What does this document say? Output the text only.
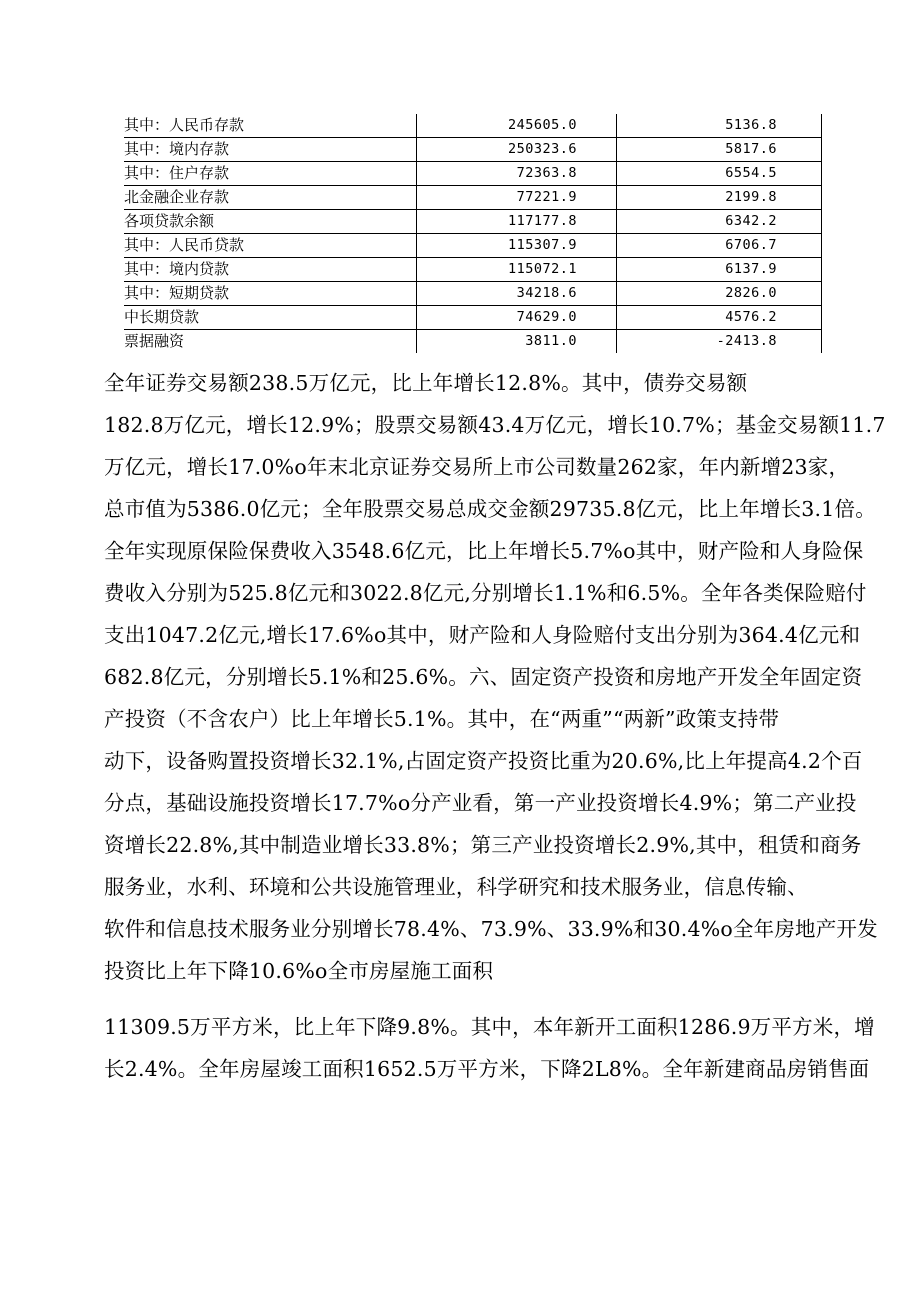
其中：人民币存款	245605.0	5136.8
其中：境内存款	250323.6	5817.6
其中：住户存款	72363.8	6554.5
北金融企业存款	77221.9	2199.8
各项贷款余额	117177.8	6342.2
其中：人民币贷款	115307.9	6706.7
其中：境内贷款	115072.1	6137.9
其中：短期贷款	34218.6	2826.0
中长期贷款	74629.0	4576.2
票据融资	3811.0	-2413.8
全年证券交易额238.5万亿元，比上年增长12.8%。其中，债券交易额
182.8万亿元，增长12.9%；股票交易额43.4万亿元，增长10.7%；基金交易额11.7
万亿元，增长17.0%o年末北京证券交易所上市公司数量262家，年内新增23家，
总市值为5386.0亿元；全年股票交易总成交金额29735.8亿元，比上年增长3.1倍。
全年实现原保险保费收入3548.6亿元，比上年增长5.7%o其中，财产险和人身险保
费收入分别为525.8亿元和3022.8亿元,分别增长1.1%和6.5%。全年各类保险赔付
支出1047.2亿元,增长17.6%o其中，财产险和人身险赔付支出分别为364.4亿元和
682.8亿元，分别增长5.1%和25.6%。六、固定资产投资和房地产开发全年固定资
产投资（不含农户）比上年增长5.1%。其中，在“两重”“两新”政策支持带
动下，设备购置投资增长32.1%,占固定资产投资比重为20.6%,比上年提高4.2个百
分点，基础设施投资增长17.7%o分产业看，第一产业投资增长4.9%；第二产业投
资增长22.8%,其中制造业增长33.8%；第三产业投资增长2.9%,其中，租赁和商务
服务业，水利、环境和公共设施管理业，科学研究和技术服务业，信息传输、
软件和信息技术服务业分别增长78.4%、73.9%、33.9%和30.4%o全年房地产开发
投资比上年下降10.6%o全市房屋施工面积
11309.5万平方米，比上年下降9.8%。其中，本年新开工面积1286.9万平方米，增
长2.4%。全年房屋竣工面积1652.5万平方米，下降2L8%。全年新建商品房销售面
